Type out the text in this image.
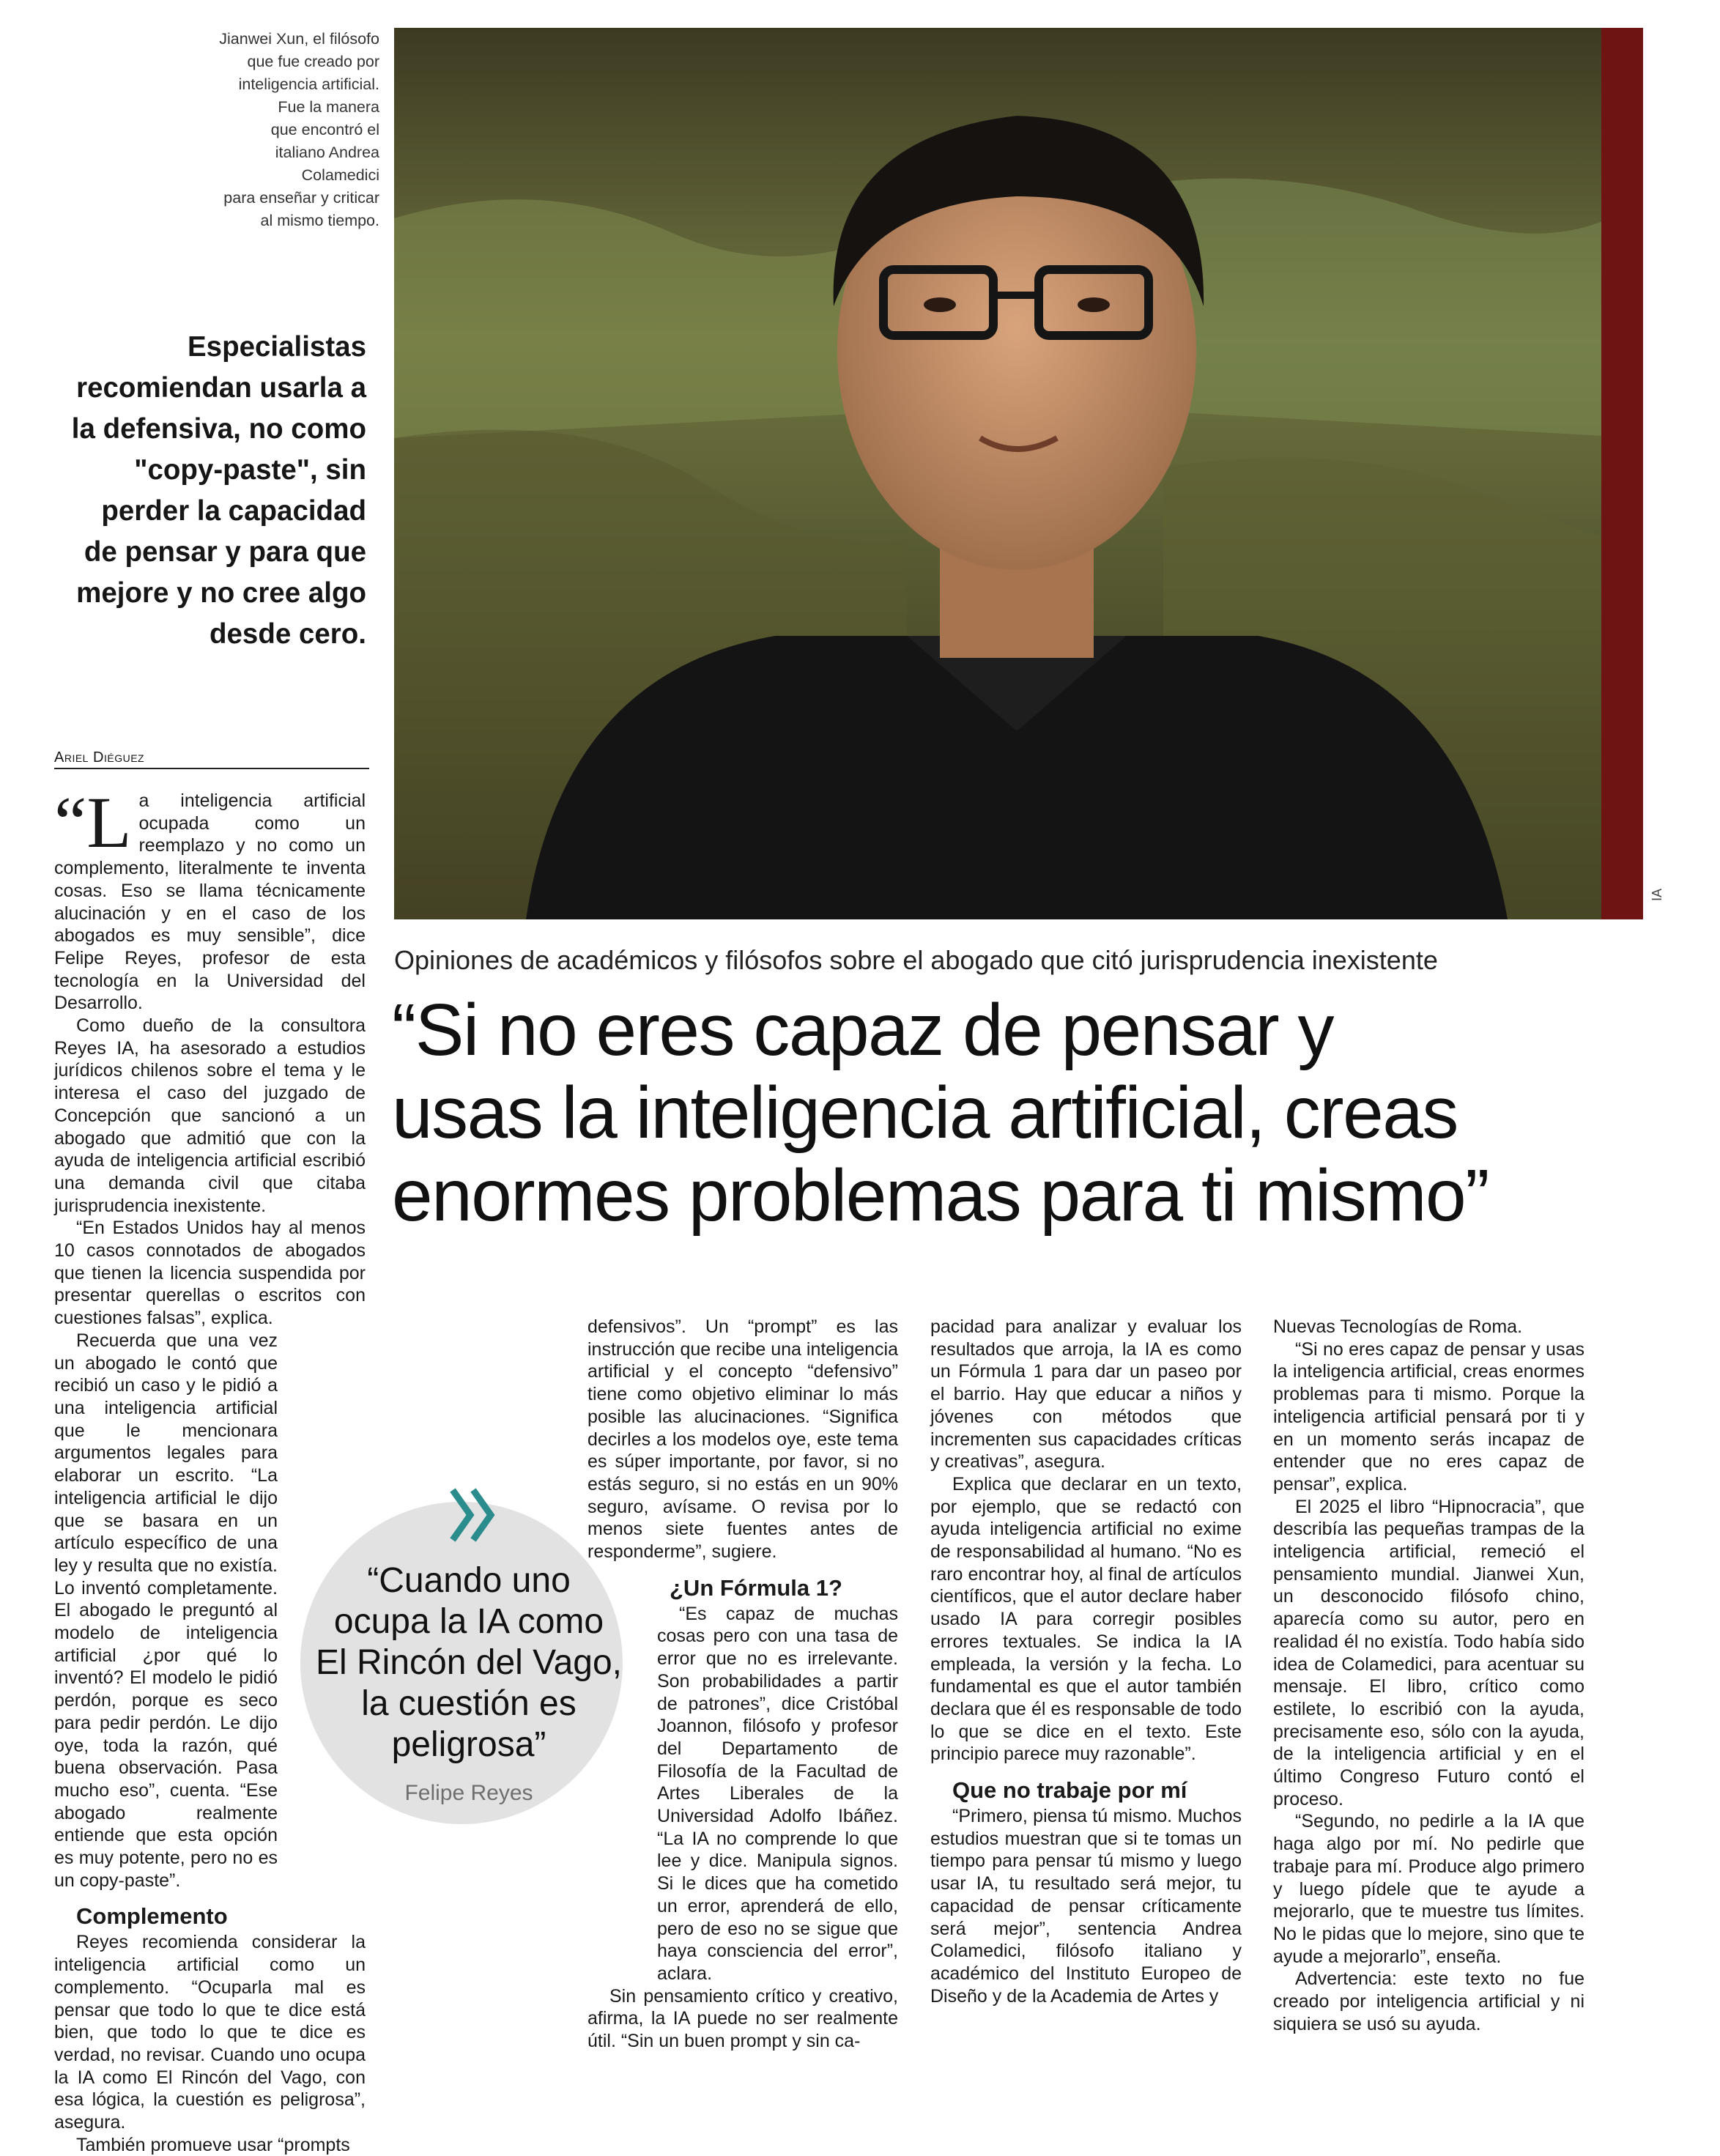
Jianwei Xun, el filósofo
que fue creado por
inteligencia artificial.
Fue la manera
que encontró el
italiano Andrea
Colamedici
para enseñar y criticar
al mismo tiempo.
Especialistas
recomiendan usarla a
la defensiva, no como
"copy-paste", sin
perder la capacidad
de pensar y para que
mejore y no cree algo
desde cero.
Ariel Diéguez
IA
Opiniones de académicos y filósofos sobre el abogado que citó jurisprudencia inexistente
“Si no eres capaz de pensar y
usas la inteligencia artificial, creas
enormes problemas para ti mismo”

“L a inteligencia artificial ocupada como un reemplazo y no como un complemento, literalmente te inventa cosas. Eso se llama técnicamente alucinación y en el caso de los abogados es muy sensible”, dice Felipe Reyes, profesor de esta tecnología en la Universidad del Desarrollo.

Como dueño de la consultora Reyes IA, ha asesorado a estudios jurídicos chilenos sobre el tema y le interesa el caso del juzgado de Concepción que sancionó a un abogado que admitió que con la ayuda de inteligencia artificial escribió una demanda civil que citaba jurisprudencia inexistente.

“En Estados Unidos hay al menos 10 casos connotados de abogados que tienen la licencia suspendida por presentar querellas o escritos con cuestiones falsas”, explica.

Recuerda que una vez un abogado le contó que recibió un caso y le pidió a una inteligencia artificial que le mencionara argumentos legales para elaborar un escrito. “La inteligencia artificial le dijo que se basara en un artículo específico de una ley y resulta que no existía. Lo inventó completamente. El abogado le preguntó al modelo de inteligencia artificial ¿por qué lo inventó? El modelo le pidió perdón, porque es seco para pedir perdón. Le dijo oye, toda la razón, qué buena observación. Pasa mucho eso”, cuenta. “Ese abogado realmente entiende que esta opción es muy potente, pero no es un copy-paste”.

Complemento

Reyes recomienda considerar la inteligencia artificial como un complemento. “Ocuparla mal es pensar que todo lo que te dice está bien, que todo lo que te dice es verdad, no revisar. Cuando uno ocupa la IA como El Rincón del Vago, con esa lógica, la cuestión es peligrosa”, asegura.

También promueve usar “prompts

“Cuando uno
ocupa la IA como
El Rincón del Vago,
la cuestión es
peligrosa”
Felipe Reyes

defensivos”. Un “prompt” es las instrucción que recibe una inteligencia artificial y el concepto “defensivo” tiene como objetivo eliminar lo más posible las alucinaciones. “Significa decirles a los modelos oye, este tema es súper importante, por favor, si no estás seguro, si no estás en un 90% seguro, avísame. O revisa por lo menos siete fuentes antes de responderme”, sugiere.

¿Un Fórmula 1?

“Es capaz de muchas cosas pero con una tasa de error que no es irrelevante. Son probabilidades a partir de patrones”, dice Cristóbal Joannon, filósofo y profesor del Departamento de Filosofía de la Facultad de Artes Liberales de la Universidad Adolfo Ibáñez. “La IA no comprende lo que lee y dice. Manipula signos. Si le dices que ha cometido un error, aprenderá de ello, pero de eso no se sigue que haya consciencia del error”, aclara.

Sin pensamiento crítico y creativo, afirma, la IA puede no ser realmente útil. “Sin un buen prompt y sin ca-

pacidad para analizar y evaluar los resultados que arroja, la IA es como un Fórmula 1 para dar un paseo por el barrio. Hay que educar a niños y jóvenes con métodos que incrementen sus capacidades críticas y creativas”, asegura.

Explica que declarar en un texto, por ejemplo, que se redactó con ayuda inteligencia artificial no exime de responsabilidad al humano. “No es raro encontrar hoy, al final de artículos científicos, que el autor declare haber usado IA para corregir posibles errores textuales. Se indica la IA empleada, la versión y la fecha. Lo fundamental es que el autor también declara que él es responsable de todo lo que se dice en el texto. Este principio parece muy razonable”.

Que no trabaje por mí

“Primero, piensa tú mismo. Muchos estudios muestran que si te tomas un tiempo para pensar tú mismo y luego usar IA, tu resultado será mejor, tu capacidad de pensar críticamente será mejor”, sentencia Andrea Colamedici, filósofo italiano y académico del Instituto Europeo de Diseño y de la Academia de Artes y

Nuevas Tecnologías de Roma.

“Si no eres capaz de pensar y usas la inteligencia artificial, creas enormes problemas para ti mismo. Porque la inteligencia artificial pensará por ti y en un momento serás incapaz de entender que no eres capaz de pensar”, explica.

El 2025 el libro “Hipnocracia”, que describía las pequeñas trampas de la inteligencia artificial, remeció el pensamiento mundial. Jianwei Xun, un desconocido filósofo chino, aparecía como su autor, pero en realidad él no existía. Todo había sido idea de Colamedici, para acentuar su mensaje. El libro, crítico como estilete, lo escribió con la ayuda, precisamente eso, sólo con la ayuda, de la inteligencia artificial y en el último Congreso Futuro contó el proceso.

“Segundo, no pedirle a la IA que haga algo por mí. No pedirle que trabaje para mí. Produce algo primero y luego pídele que te ayude a mejorarlo, que te muestre tus límites. No le pidas que lo mejore, sino que te ayude a mejorarlo”, enseña.

Advertencia: este texto no fue creado por inteligencia artificial y ni siquiera se usó su ayuda.
